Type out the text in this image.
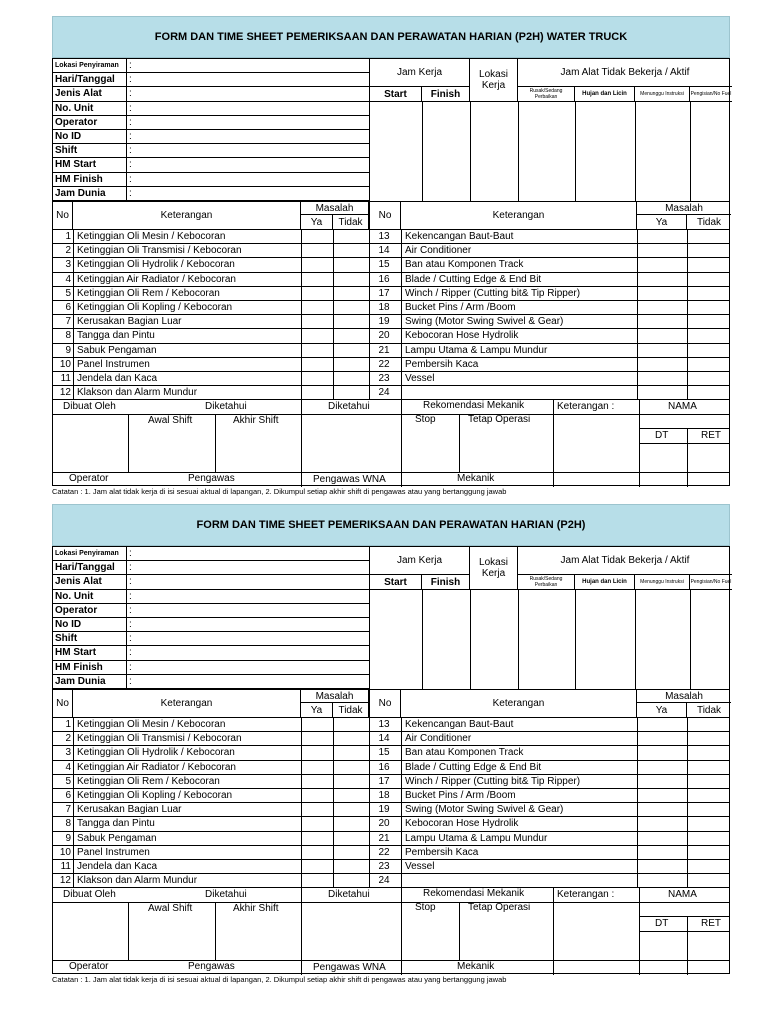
FORM DAN TIME SHEET PEMERIKSAAN DAN PERAWATAN HARIAN (P2H) WATER TRUCK
Lokasi Penyiraman	:
Hari/Tanggal	:
Jenis Alat	:
No. Unit	:
Operator	:
No ID	:
Shift	:
HM Start	:
HM Finish	:
Jam Dunia	:
Jam Kerja
Start	Finish
Lokasi Kerja
Jam Alat Tidak Bekerja / Aktif
Rusak/Sedang Perbaikan
Hujan dan Licin	Menunggu Instruksi	Pengisian/No Fuel
No	Keterangan
Masalah
Ya	Tidak
No	Keterangan
Masalah
Ya	Tidak
1 Ketinggian Oli Mesin / Kebocoran	13	Kekencangan Baut-Baut
2 Ketinggian Oli Transmisi / Kebocoran	14	Air Conditioner
3 Ketinggian Oli Hydrolik / Kebocoran	15	Ban atau Komponen Track
4 Ketinggian Air Radiator / Kebocoran	16	Blade / Cutting Edge & End Bit
5 Ketinggian Oli Rem / Kebocoran	17	Winch / Ripper (Cutting bit& Tip Ripper)
6 Ketinggian Oli Kopling / Kebocoran	18	Bucket Pins / Arm /Boom
7 Kerusakan Bagian Luar	19	Swing (Motor Swing Swivel & Gear)
8 Tangga dan Pintu	20	Kebocoran Hose Hydrolik
9 Sabuk Pengaman	21	Lampu Utama & Lampu Mundur
10 Panel Instrumen	22	Pembersih Kaca
11 Jendela dan Kaca	23	Vessel
12 Klakson dan Alarm Mundur	24
Dibuat Oleh	Diketahui	Diketahui	Rekomendasi Mekanik	Keterangan :	NAMA
Awal Shift	Akhir Shift	Stop	Tetap Operasi
DT	RET
Operator	Pengawas	Pengawas WNA	Mekanik
Catatan : 1. Jam alat tidak kerja di isi sesuai aktual di lapangan, 2. Dikumpul setiap akhir shift di pengawas atau yang bertanggung jawab
FORM DAN TIME SHEET PEMERIKSAAN DAN PERAWATAN HARIAN (P2H)
Lokasi Penyiraman	:
Hari/Tanggal	:
Jenis Alat	:
No. Unit	:
Operator	:
No ID	:
Shift	:
HM Start	:
HM Finish	:
Jam Dunia	:
Jam Kerja
Start	Finish
Lokasi Kerja
Jam Alat Tidak Bekerja / Aktif
Rusak/Sedang Perbaikan
Hujan dan Licin	Menunggu Instruksi	Pengisian/No Fuel
No	Keterangan
Masalah
Ya	Tidak
No	Keterangan
Masalah
Ya	Tidak
1 Ketinggian Oli Mesin / Kebocoran	13	Kekencangan Baut-Baut
2 Ketinggian Oli Transmisi / Kebocoran	14	Air Conditioner
3 Ketinggian Oli Hydrolik / Kebocoran	15	Ban atau Komponen Track
4 Ketinggian Air Radiator / Kebocoran	16	Blade / Cutting Edge & End Bit
5 Ketinggian Oli Rem / Kebocoran	17	Winch / Ripper (Cutting bit& Tip Ripper)
6 Ketinggian Oli Kopling / Kebocoran	18	Bucket Pins / Arm /Boom
7 Kerusakan Bagian Luar	19	Swing (Motor Swing Swivel & Gear)
8 Tangga dan Pintu	20	Kebocoran Hose Hydrolik
9 Sabuk Pengaman	21	Lampu Utama & Lampu Mundur
10 Panel Instrumen	22	Pembersih Kaca
11 Jendela dan Kaca	23	Vessel
12 Klakson dan Alarm Mundur	24
Dibuat Oleh	Diketahui	Diketahui	Rekomendasi Mekanik	Keterangan :	NAMA
Awal Shift	Akhir Shift	Stop	Tetap Operasi
DT	RET
Operator	Pengawas	Pengawas WNA	Mekanik
Catatan : 1. Jam alat tidak kerja di isi sesuai aktual di lapangan, 2. Dikumpul setiap akhir shift di pengawas atau yang bertanggung jawab
